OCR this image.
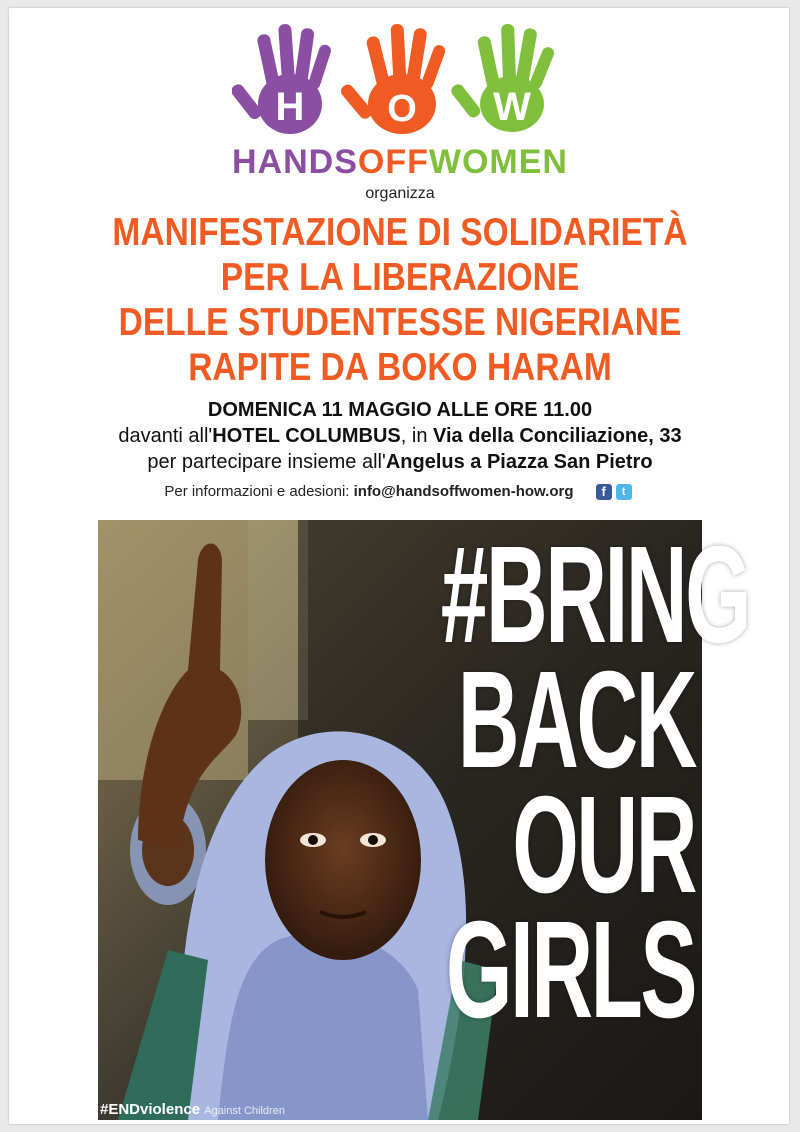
H O W
HANDSOFFWOMEN
organizza
MANIFESTAZIONE DI SOLIDARIETÀ
PER LA LIBERAZIONE
DELLE STUDENTESSE NIGERIANE
RAPITE DA BOKO HARAM
DOMENICA 11 MAGGIO ALLE ORE 11.00
davanti all'HOTEL COLUMBUS, in Via della Conciliazione, 33
per partecipare insieme all'Angelus a Piazza San Pietro
Per informazioni e adesioni: info@handsoffwomen-how.org f t
#BRING
BACK
OUR
GIRLS
#ENDviolence Against Children
